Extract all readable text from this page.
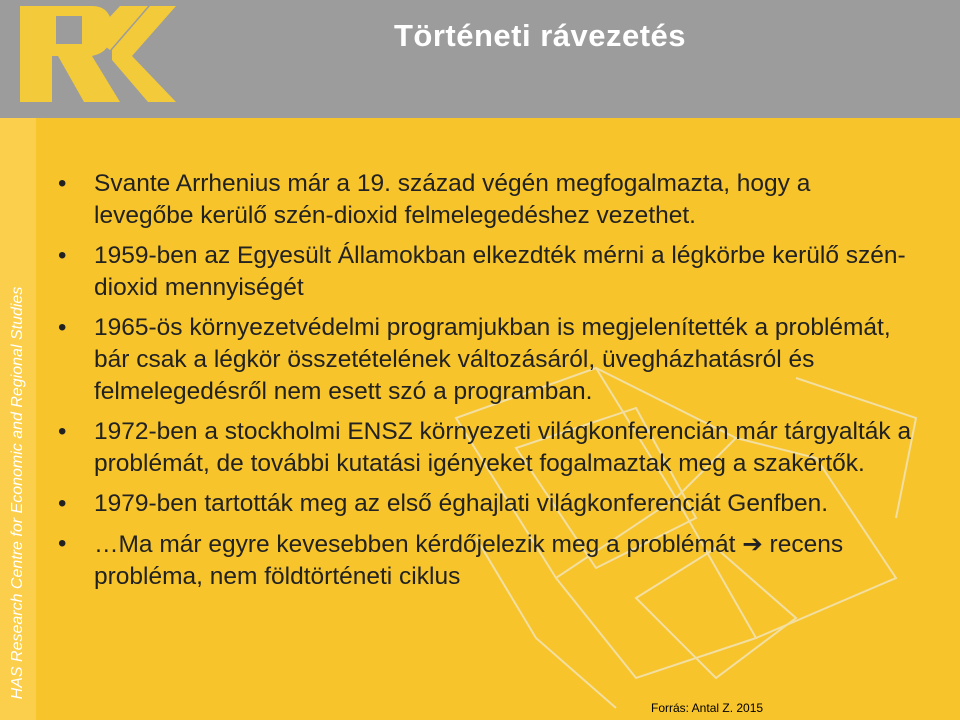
Történeti rávezetés
HAS Research Centre for Economic and Regional Studies
• Svante Arrhenius már a 19. század végén megfogalmazta, hogy a levegőbe kerülő szén-dioxid felmelegedéshez vezethet.
• 1959-ben az Egyesült Államokban elkezdték mérni a légkörbe kerülő szén-dioxid mennyiségét
• 1965-ös környezetvédelmi programjukban is megjelenítették a problémát, bár csak a légkör összetételének változásáról, üvegházhatásról és felmelegedésről nem esett szó a programban.
• 1972-ben a stockholmi ENSZ környezeti világkonferencián már tárgyalták a problémát, de további kutatási igényeket fogalmaztak meg a szakértők.
• 1979-ben tartották meg az első éghajlati világkonferenciát Genfben.
• …Ma már egyre kevesebben kérdőjelezik meg a problémát ➔ recens probléma, nem földtörténeti ciklus
Forrás: Antal Z. 2015
